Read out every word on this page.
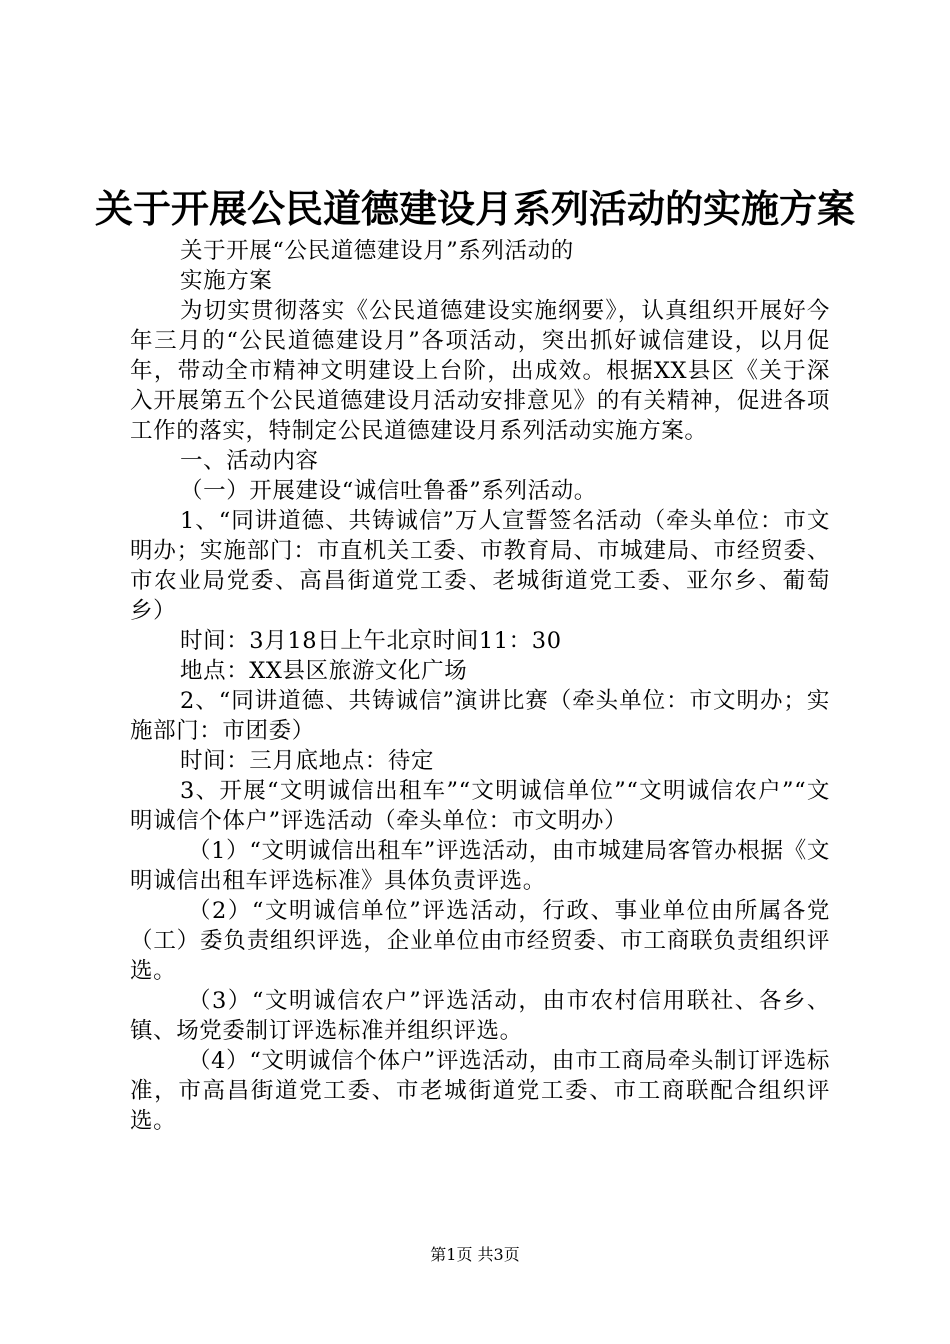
关于开展公民道德建设月系列活动的实施方案

关于开展“公民道德建设月”系列活动的

实施方案

为切实贯彻落实《公民道德建设实施纲要》，认真组织开展好今年三月的“公民道德建设月”各项活动，突出抓好诚信建设，以月促年，带动全市精神文明建设上台阶，出成效。根据XX县区《关于深入开展第五个公民道德建设月活动安排意见》的有关精神，促进各项工作的落实，特制定公民道德建设月系列活动实施方案。

一、活动内容

（一）开展建设“诚信吐鲁番”系列活动。

1、“同讲道德、共铸诚信”万人宣誓签名活动（牵头单位：市文明办；实施部门：市直机关工委、市教育局、市城建局、市经贸委、市农业局党委、高昌街道党工委、老城街道党工委、亚尔乡、葡萄乡）

时间：3月18日上午北京时间11：30

地点：XX县区旅游文化广场

2、“同讲道德、共铸诚信”演讲比赛（牵头单位：市文明办；实施部门：市团委）

时间：三月底地点：待定

3、开展“文明诚信出租车”“文明诚信单位”“文明诚信农户”“文明诚信个体户”评选活动（牵头单位：市文明办）

（1）“文明诚信出租车”评选活动，由市城建局客管办根据《文明诚信出租车评选标准》具体负责评选。

（2）“文明诚信单位”评选活动，行政、事业单位由所属各党（工）委负责组织评选，企业单位由市经贸委、市工商联负责组织评选。

（3）“文明诚信农户”评选活动，由市农村信用联社、各乡、镇、场党委制订评选标准并组织评选。

（4）“文明诚信个体户”评选活动，由市工商局牵头制订评选标准，市高昌街道党工委、市老城街道党工委、市工商联配合组织评选。

第1页 共3页
